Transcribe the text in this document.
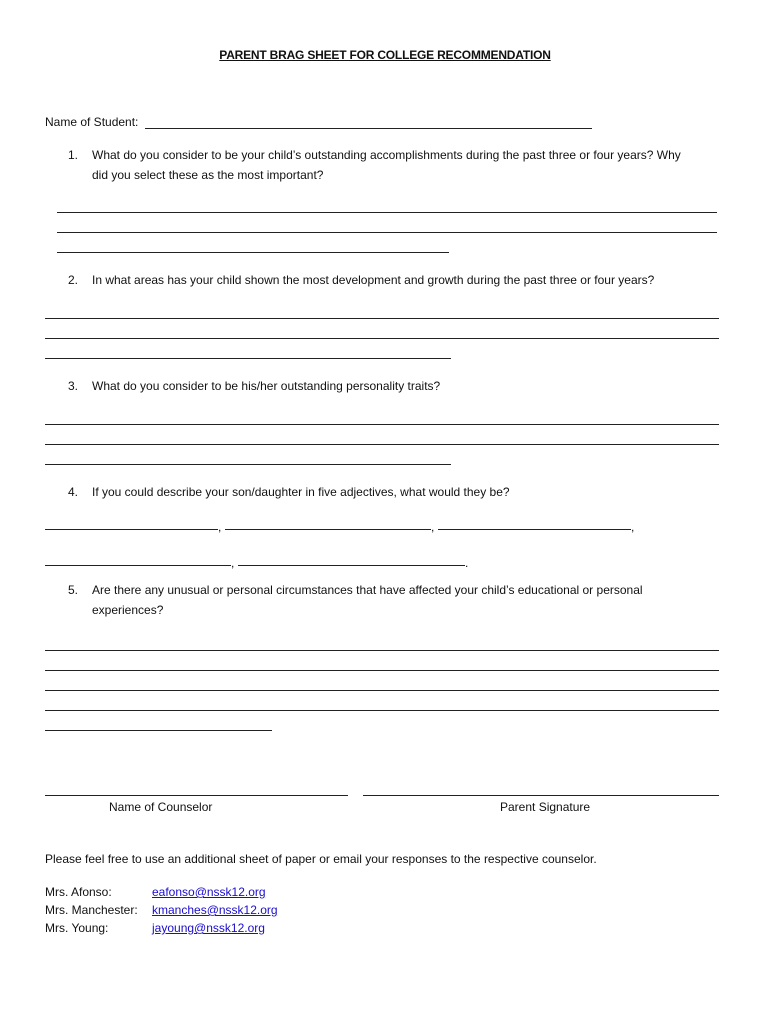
PARENT BRAG SHEET FOR COLLEGE RECOMMENDATION
Name of Student:
1. What do you consider to be your child’s outstanding accomplishments during the past three or four years? Why
did you select these as the most important?
2. In what areas has your child shown the most development and growth during the past three or four years?
3. What do you consider to be his/her outstanding personality traits?
4. If you could describe your son/daughter in five adjectives, what would they be?
,	,	,
,	.
5. Are there any unusual or personal circumstances that have affected your child’s educational or personal
experiences?
Name of Counselor	Parent Signature
Please feel free to use an additional sheet of paper or email your responses to the respective counselor.
Mrs. Afonso:	eafonso@nssk12.org
Mrs. Manchester: kmanches@nssk12.org
Mrs. Young:	jayoung@nssk12.org
